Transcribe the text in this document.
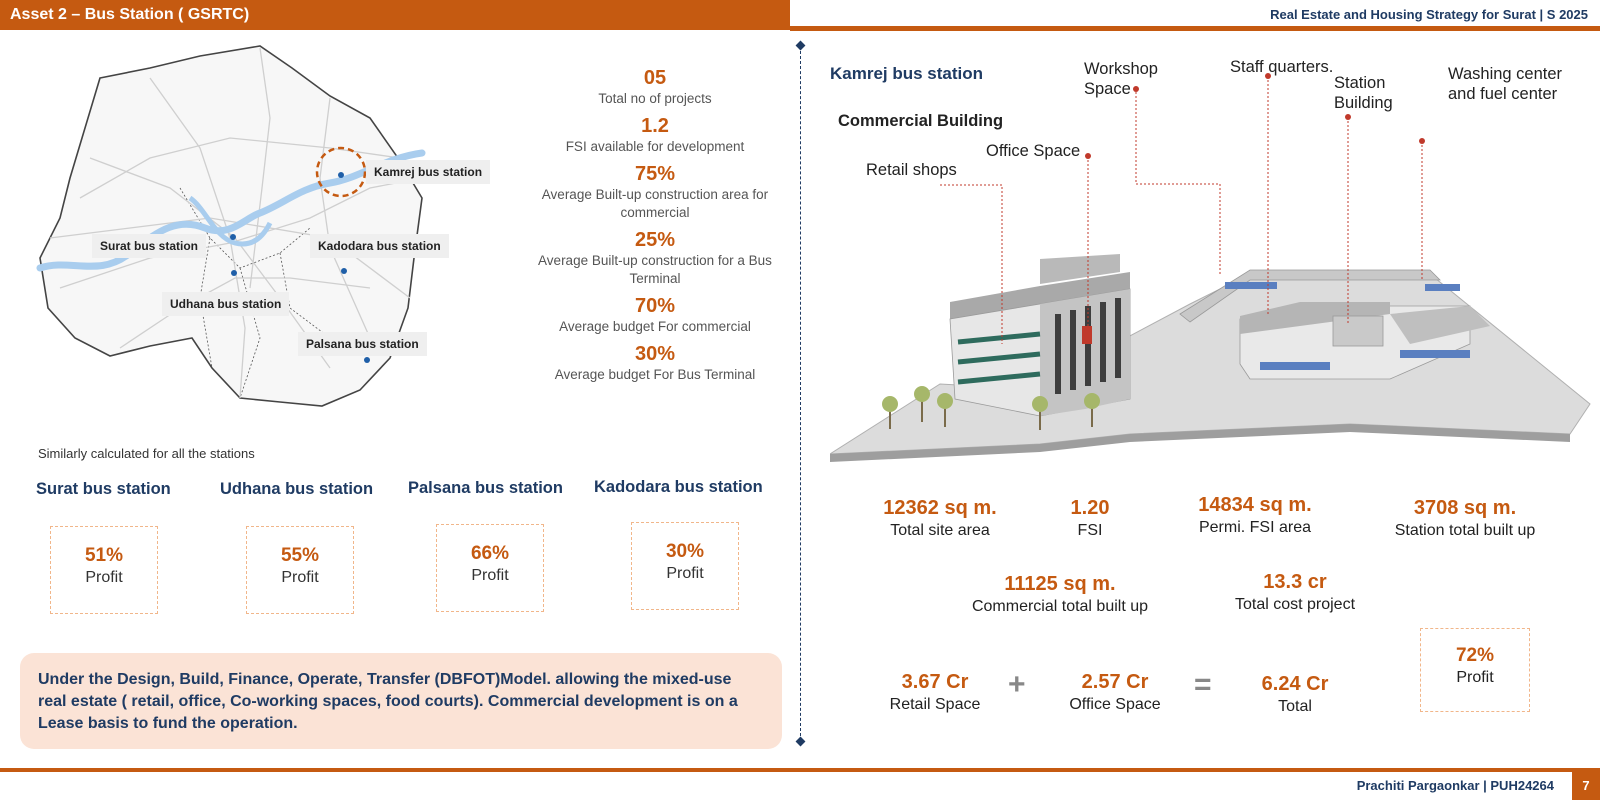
Asset 2 – Bus Station ( GSRTC)	Real Estate and Housing Strategy for Surat | S 2025
Kamrej bus station
Surat bus station	Kadodara bus station
Udhana bus station
Palsana bus station
05
Total no of projects
1.2
FSI available for development
75%
Average Built-up construction area for commercial
25%
Average Built-up construction for a Bus Terminal
70%
Average budget For commercial
30%
Average budget For Bus Terminal
Similarly calculated for all the stations
Surat bus station	Udhana bus station Palsana bus station Kadodara bus station
51%
Profit
55%
Profit
66%
Profit
30%
Profit
Under the Design, Build, Finance, Operate, Transfer (DBFOT)Model. allowing the mixed-use real estate ( retail, office, Co-working spaces, food courts). Commercial development is on a Lease basis to fund the operation.
Kamrej bus station
Commercial Building
Retail shops
Office Space
Workshop Space
Staff quarters.
Station Building
Washing center and fuel center
12362 sq m.
Total site area
1.20
FSI
14834 sq m.
Permi. FSI area
3708 sq m.
Station total built up
11125 sq m.
Commercial total built up
13.3 cr
Total cost project
3.67 Cr
Retail Space
+	2.57 Cr
Office Space
=	6.24 Cr
Total
72%
Profit
Prachiti Pargaonkar | PUH24264	7
